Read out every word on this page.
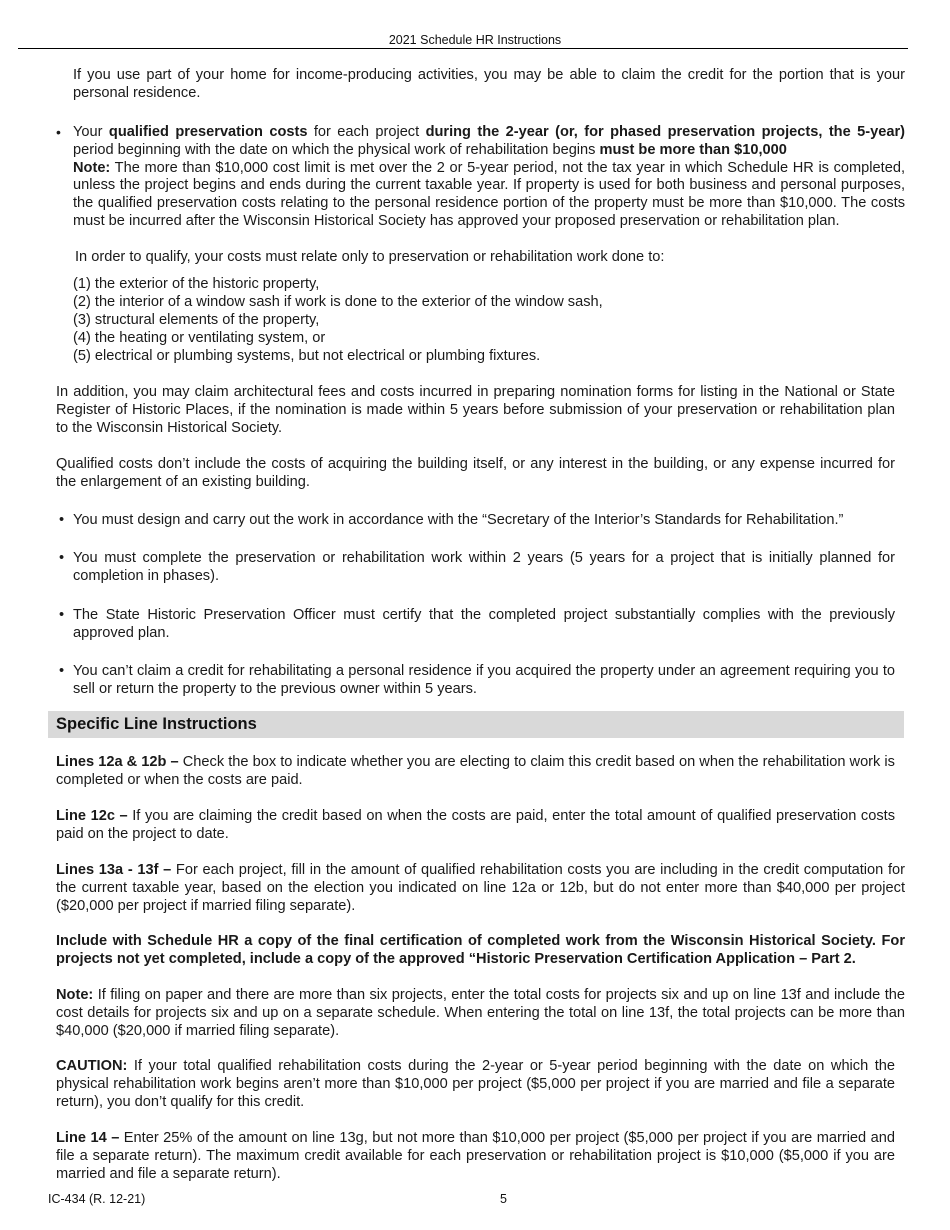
2021 Schedule HR Instructions
If you use part of your home for income-producing activities, you may be able to claim the credit for the portion that is your personal residence.
• Your qualified preservation costs for each project during the 2-year (or, for phased preservation projects, the 5-year) period beginning with the date on which the physical work of rehabilitation begins must be more than $10,000
Note: The more than $10,000 cost limit is met over the 2 or 5-year period, not the tax year in which Schedule HR is completed, unless the project begins and ends during the current taxable year. If property is used for both business and personal purposes, the qualified preservation costs relating to the personal residence portion of the property must be more than $10,000. The costs must be incurred after the Wisconsin Historical Society has approved your proposed preservation or rehabilitation plan.
In order to qualify, your costs must relate only to preservation or rehabilitation work done to:
(1) the exterior of the historic property,
(2) the interior of a window sash if work is done to the exterior of the window sash,
(3) structural elements of the property,
(4) the heating or ventilating system, or
(5) electrical or plumbing systems, but not electrical or plumbing fixtures.
In addition, you may claim architectural fees and costs incurred in preparing nomination forms for listing in the National or State Register of Historic Places, if the nomination is made within 5 years before submission of your preservation or rehabilitation plan to the Wisconsin Historical Society.
Qualified costs don’t include the costs of acquiring the building itself, or any interest in the building, or any expense incurred for the enlargement of an existing building.
• You must design and carry out the work in accordance with the “Secretary of the Interior’s Standards for Rehabilitation.”
• You must complete the preservation or rehabilitation work within 2 years (5 years for a project that is initially planned for completion in phases).
• The State Historic Preservation Officer must certify that the completed project substantially complies with the previously approved plan.
• You can’t claim a credit for rehabilitating a personal residence if you acquired the property under an agreement requiring you to sell or return the property to the previous owner within 5 years.
Specific Line Instructions
Lines 12a & 12b – Check the box to indicate whether you are electing to claim this credit based on when the rehabilitation work is completed or when the costs are paid.
Line 12c – If you are claiming the credit based on when the costs are paid, enter the total amount of qualified preservation costs paid on the project to date.
Lines 13a - 13f – For each project, fill in the amount of qualified rehabilitation costs you are including in the credit computation for the current taxable year, based on the election you indicated on line 12a or 12b, but do not enter more than $40,000 per project ($20,000 per project if married filing separate).
Include with Schedule HR a copy of the final certification of completed work from the Wisconsin Historical Society. For projects not yet completed, include a copy of the approved “Historic Preservation Certification Application – Part 2.
Note: If filing on paper and there are more than six projects, enter the total costs for projects six and up on line 13f and include the cost details for projects six and up on a separate schedule. When entering the total on line 13f, the total projects can be more than $40,000 ($20,000 if married filing separate).
CAUTION: If your total qualified rehabilitation costs during the 2-year or 5-year period beginning with the date on which the physical rehabilitation work begins aren’t more than $10,000 per project ($5,000 per project if you are married and file a separate return), you don’t qualify for this credit.
Line 14 – Enter 25% of the amount on line 13g, but not more than $10,000 per project ($5,000 per project if you are married and file a separate return). The maximum credit available for each preservation or rehabilitation project is $10,000 ($5,000 if you are married and file a separate return).
IC-434 (R. 12-21)	5
